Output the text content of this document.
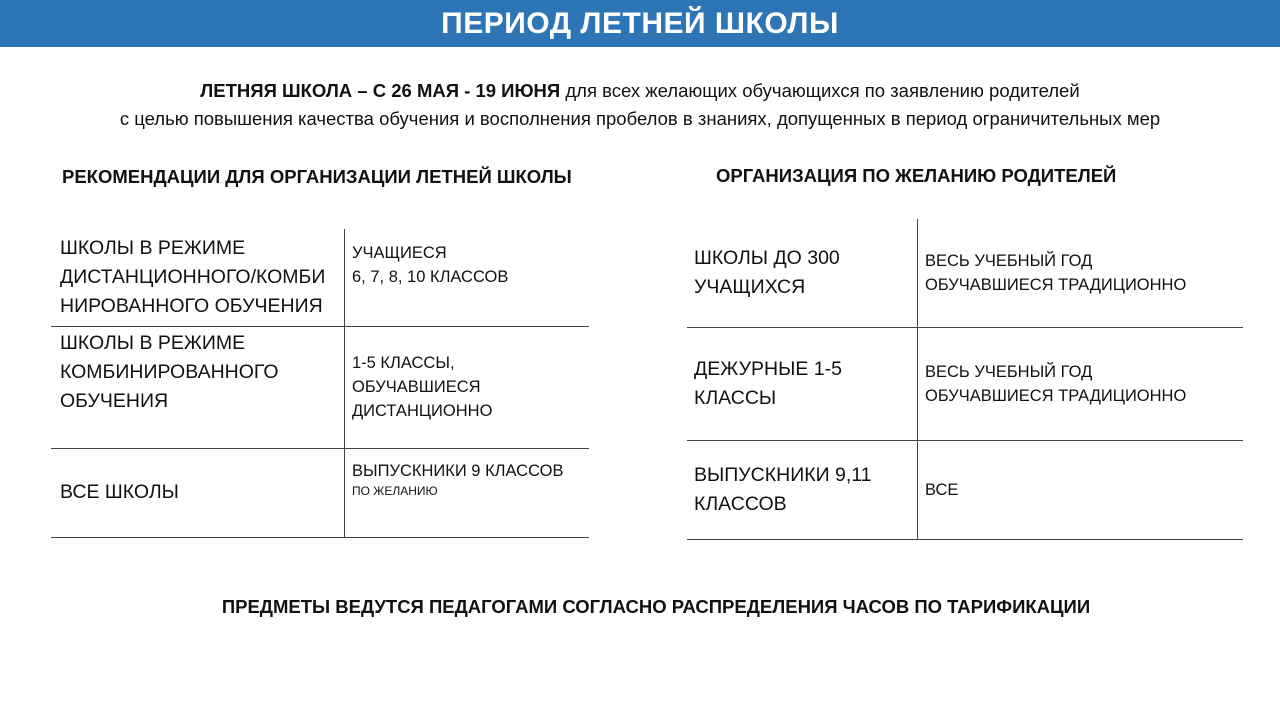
ПЕРИОД ЛЕТНЕЙ ШКОЛЫ
ЛЕТНЯЯ ШКОЛА – С 26 МАЯ - 19 ИЮНЯ для всех желающих обучающихся по заявлению родителей
с целью повышения качества обучения и восполнения пробелов в знаниях, допущенных в период ограничительных мер
РЕКОМЕНДАЦИИ ДЛЯ ОРГАНИЗАЦИИ ЛЕТНЕЙ ШКОЛЫ	ОРГАНИЗАЦИЯ ПО ЖЕЛАНИЮ РОДИТЕЛЕЙ
ШКОЛЫ В РЕЖИМЕ
ДИСТАНЦИОННОГО/КОМБИ
НИРОВАННОГО ОБУЧЕНИЯ	УЧАЩИЕСЯ
6, 7, 8, 10 КЛАССОВ

ШКОЛЫ В РЕЖИМЕ
КОМБИНИРОВАННОГО
ОБУЧЕНИЯ	1-5 КЛАССЫ,
ОБУЧАВШИЕСЯ
ДИСТАНЦИОННО

ВСЕ ШКОЛЫ	ВЫПУСКНИКИ 9 КЛАССОВ
ПО ЖЕЛАНИЮ
ШКОЛЫ ДО 300
УЧАЩИХСЯ	ВЕСЬ УЧЕБНЫЙ ГОД
ОБУЧАВШИЕСЯ ТРАДИЦИОННО

ДЕЖУРНЫЕ 1-5
КЛАССЫ	ВЕСЬ УЧЕБНЫЙ ГОД
ОБУЧАВШИЕСЯ ТРАДИЦИОННО

ВЫПУСКНИКИ 9,11
КЛАССОВ	ВСЕ
ПРЕДМЕТЫ ВЕДУТСЯ ПЕДАГОГАМИ СОГЛАСНО РАСПРЕДЕЛЕНИЯ ЧАСОВ ПО ТАРИФИКАЦИИ
